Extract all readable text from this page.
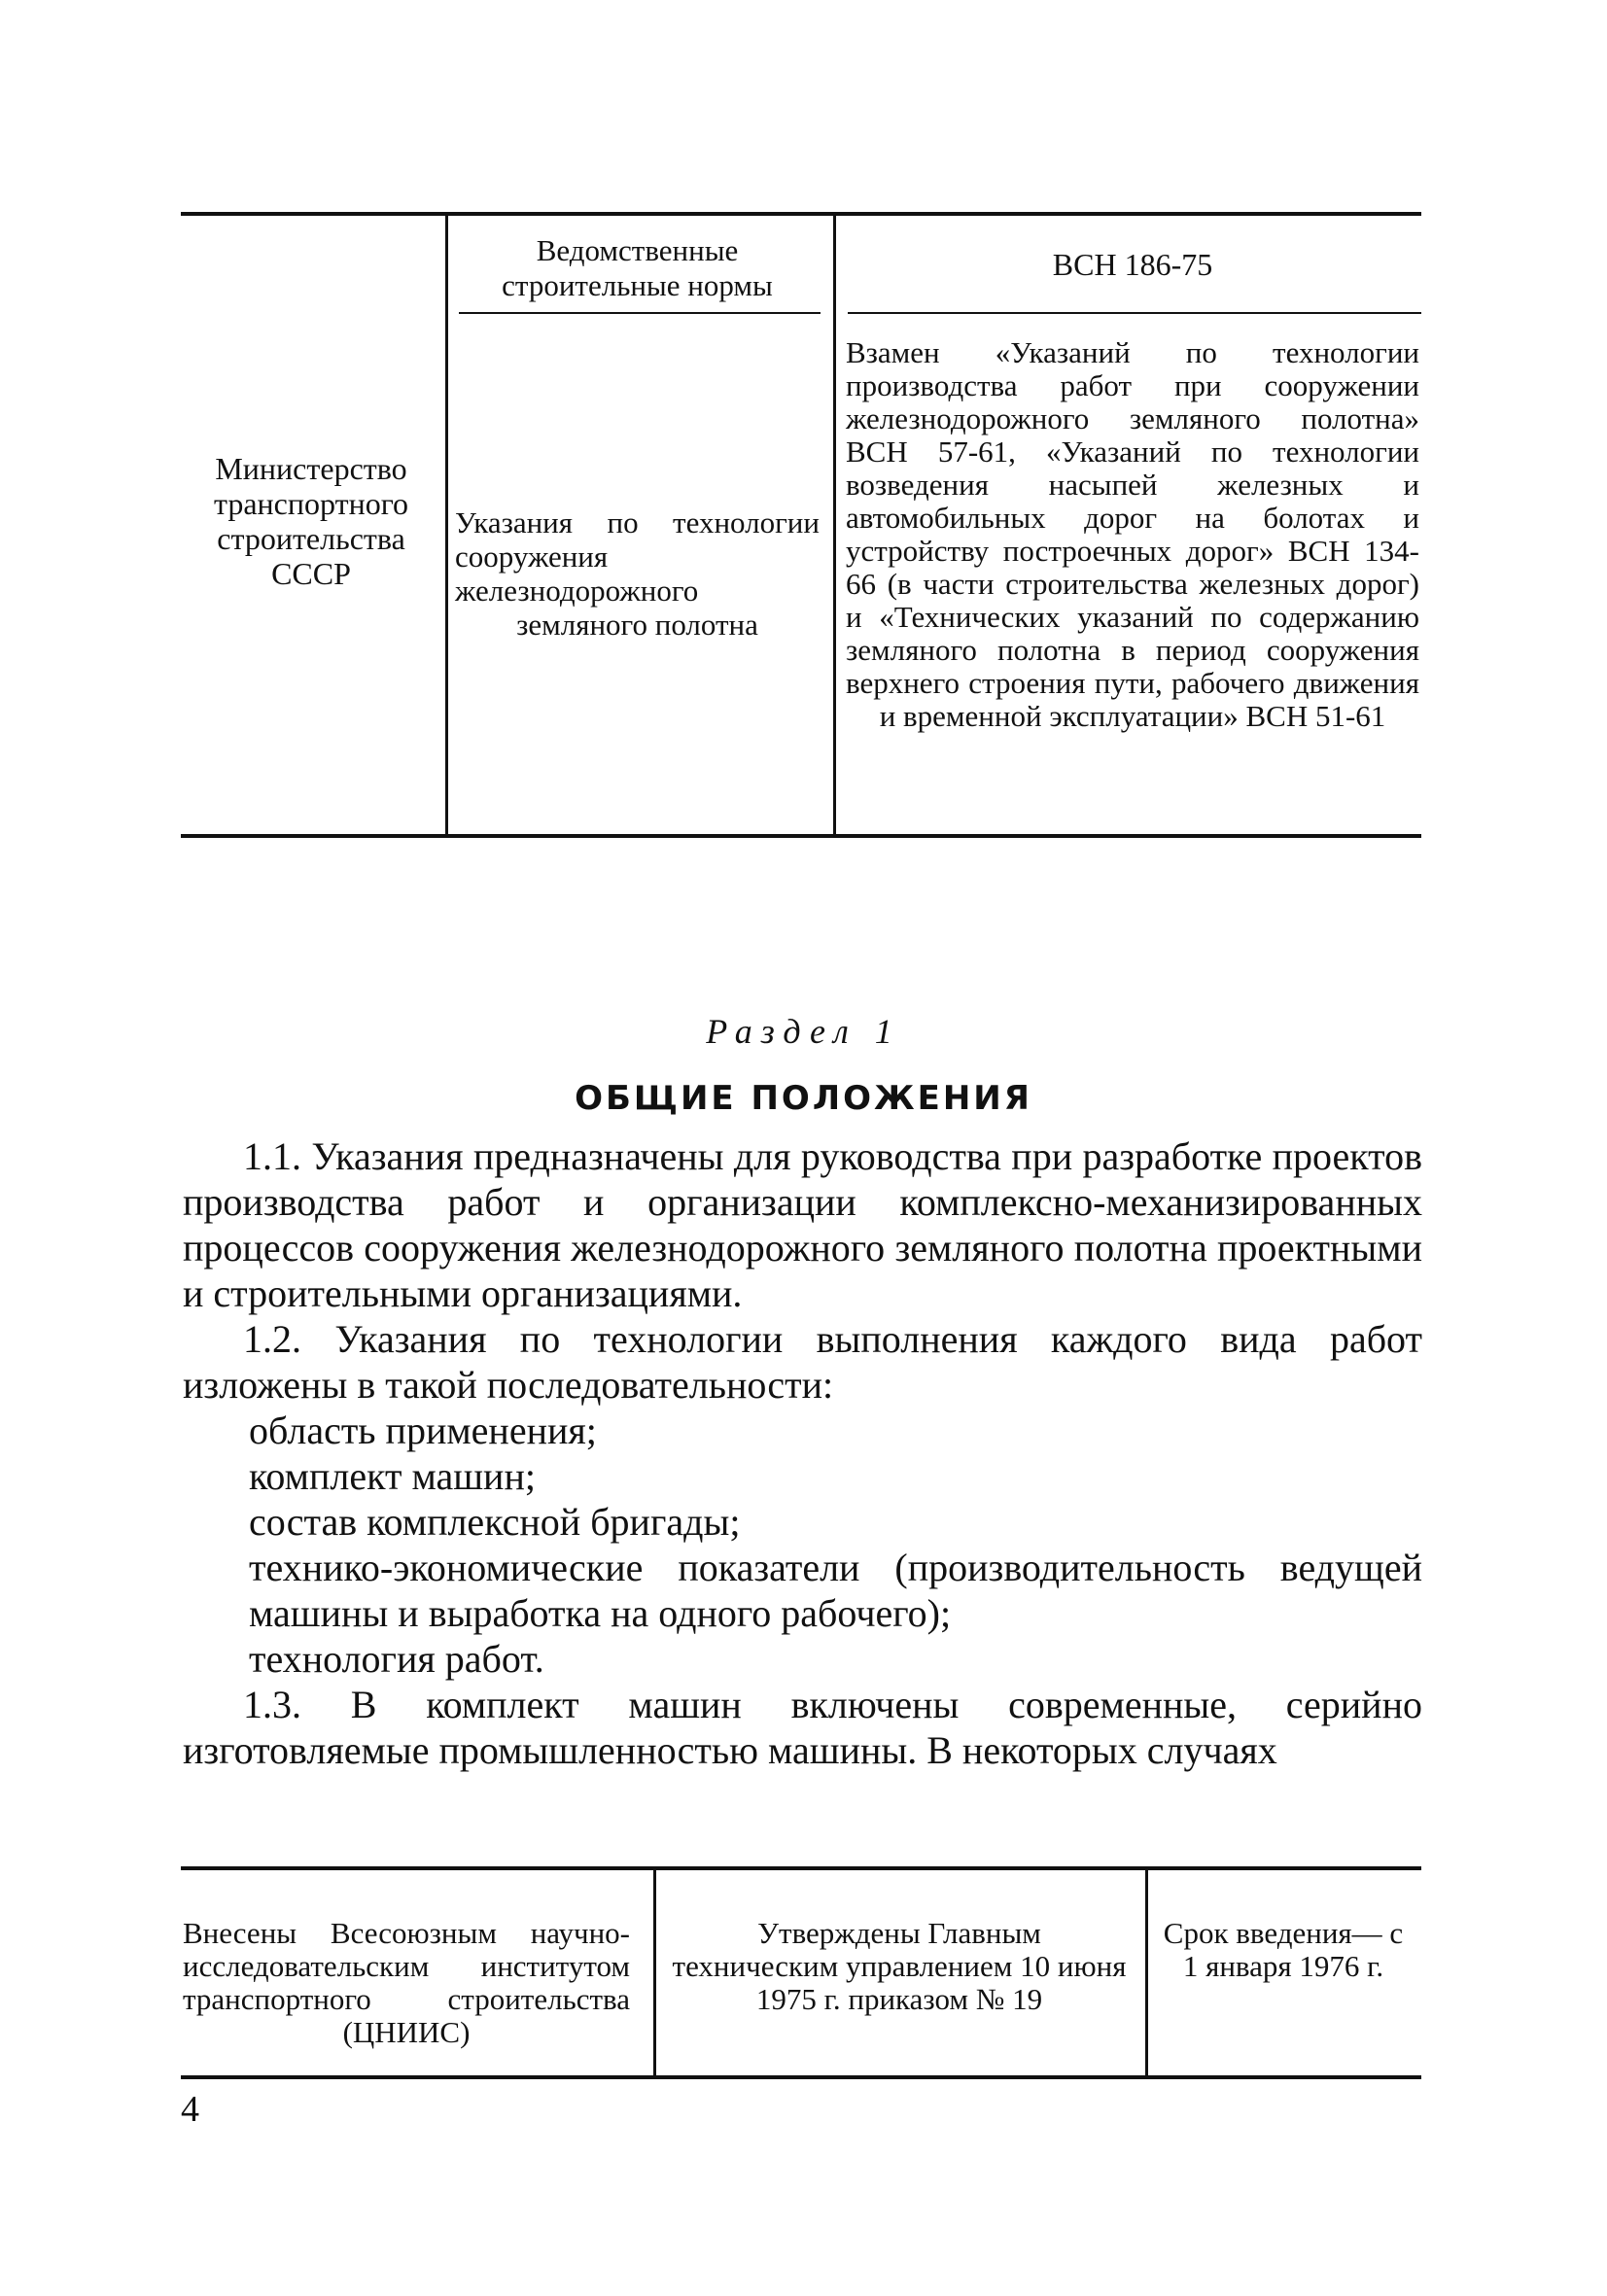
Министерство транспортного строительства СССР
Ведомственные строительные нормы
ВСН 186-75
Указания по технологии сооружения железнодорожного земляного полотна
Взамен «Указаний по технологии производства работ при сооружении железнодорожного земляного полотна» ВСН 57-61, «Указаний по технологии возведения насыпей железных и автомобильных дорог на болотах и устройству построечных дорог» ВСН 134-66 (в части строительства железных дорог) и «Технических указаний по содержанию земляного полотна в период сооружения верхнего строения пути, рабочего движения и временной эксплуатации» ВСН 51-61
Раздел 1
ОБЩИЕ ПОЛОЖЕНИЯ

1.1. Указания предназначены для руководства при разработке проектов производства работ и организации комплексно-механизированных процессов сооружения железнодорожного земляного полотна проектными и строительными организациями.

1.2. Указания по технологии выполнения каждого вида работ изложены в такой последовательности:

область применения;

комплект машин;

состав комплексной бригады;

технико-экономические показатели (производительность ведущей машины и выработка на одного рабочего);

технология работ.

1.3. В комплект машин включены современные, серийно изготовляемые промышленностью машины. В некоторых случаях

Внесены Всесоюзным научно-исследовательским институтом транспортного строительства (ЦНИИС)
Утверждены Главным техническим управлением 10 июня 1975 г. приказом № 19
Срок введения— с 1 января 1976 г.
4
